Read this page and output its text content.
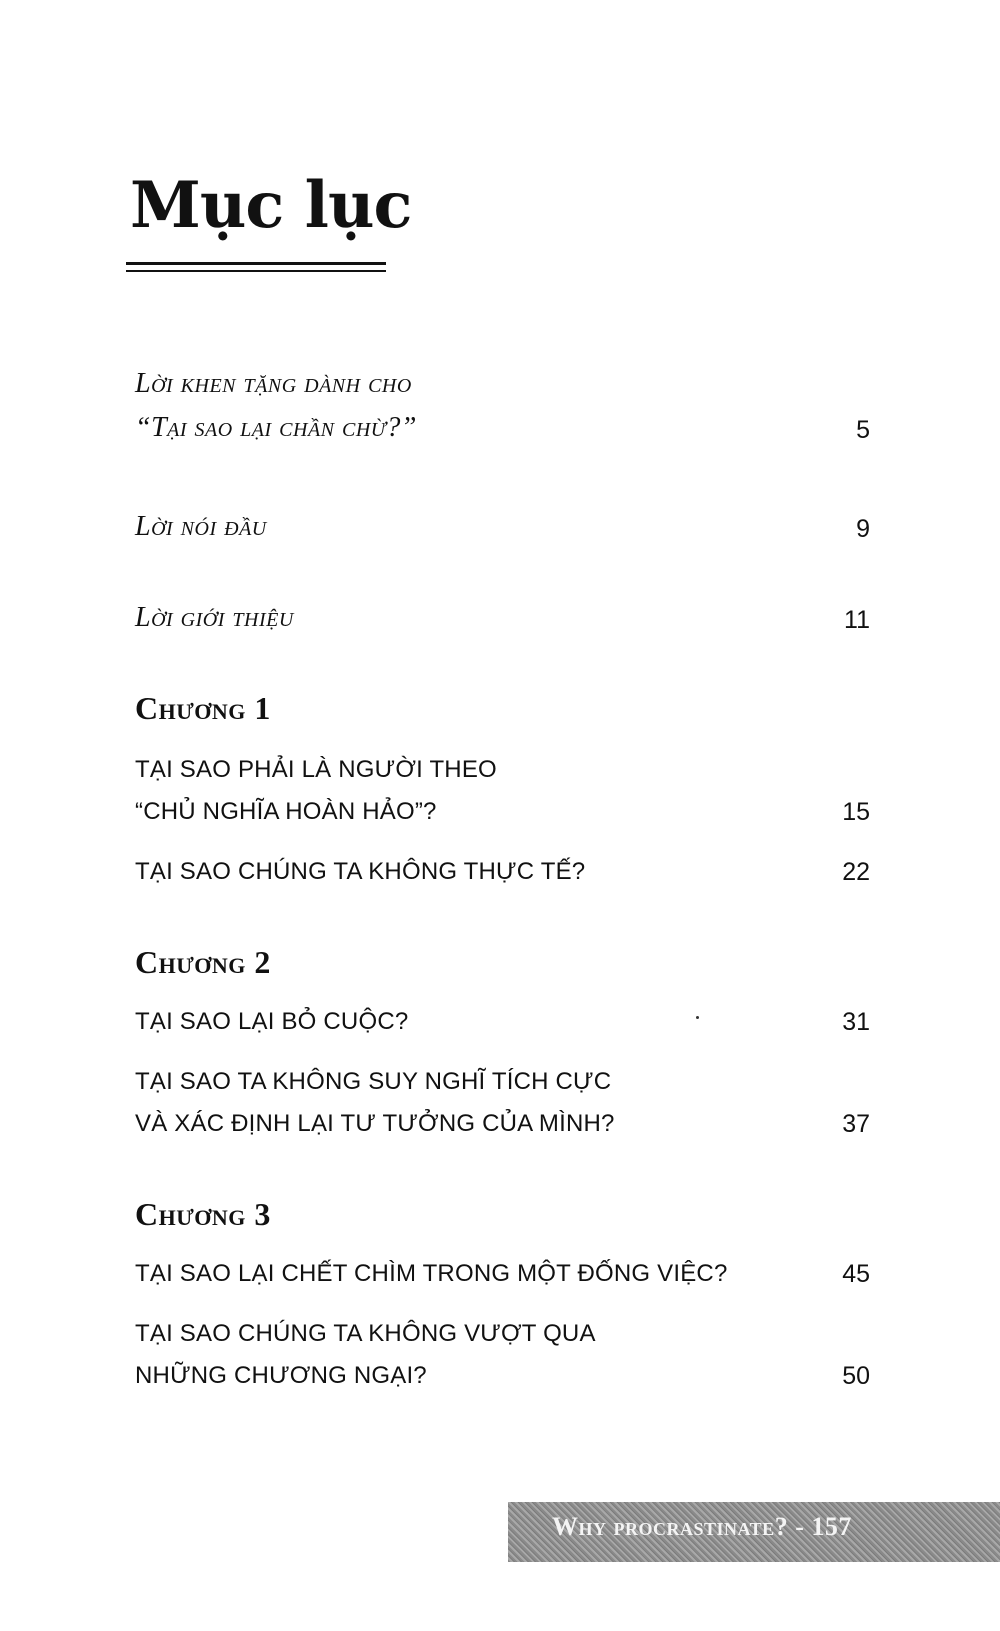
Mục lục
Lời khen tặng dành cho
“Tại sao lại chần chừ?”	5
Lời nói đầu	9
Lời giới thiệu	11
Chương 1
TẠI SAO PHẢI LÀ NGƯỜI THEO
“CHỦ NGHĨA HOÀN HẢO”?	15
TẠI SAO CHÚNG TA KHÔNG THỰC TẾ?	22
Chương 2
TẠI SAO LẠI BỎ CUỘC?	31
TẠI SAO TA KHÔNG SUY NGHĨ TÍCH CỰC
VÀ XÁC ĐỊNH LẠI TƯ TƯỞNG CỦA MÌNH?	37
Chương 3
TẠI SAO LẠI CHẾT CHÌM TRONG MỘT ĐỐNG VIỆC?	45
TẠI SAO CHÚNG TA KHÔNG VƯỢT QUA
NHỮNG CHƯƠNG NGẠI?	50
Why procrastinate? - 157
